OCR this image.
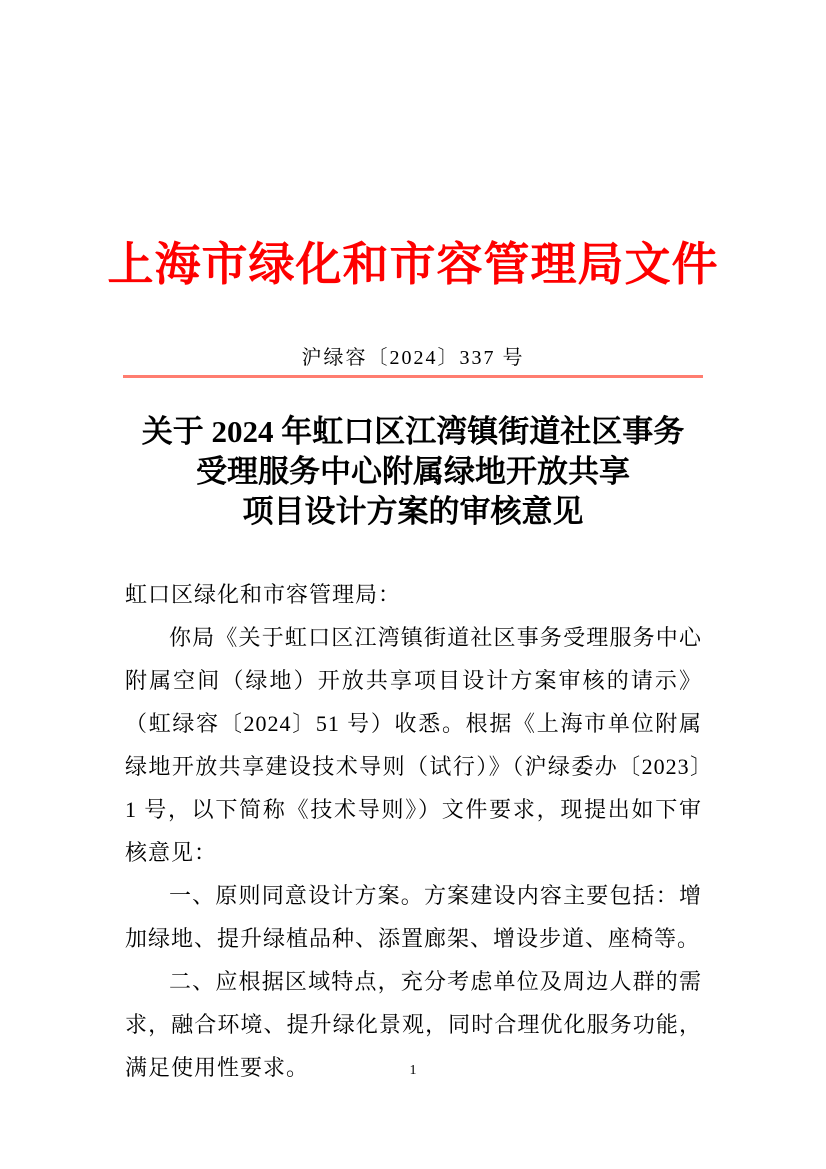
上海市绿化和市容管理局文件
沪绿容〔2024〕337 号
关于 2024 年虹口区江湾镇街道社区事务
受理服务中心附属绿地开放共享
项目设计方案的审核意见

虹口区绿化和市容管理局：

你局《关于虹口区江湾镇街道社区事务受理服务中心附属空间（绿地）开放共享项目设计方案审核的请示》（虹绿容〔2024〕51 号）收悉。根据《上海市单位附属绿地开放共享建设技术导则（试行）》（沪绿委办〔2023〕1 号，以下简称《技术导则》）文件要求，现提出如下审核意见：

一、原则同意设计方案。方案建设内容主要包括：增加绿地、提升绿植品种、添置廊架、增设步道、座椅等。

二、应根据区域特点，充分考虑单位及周边人群的需求，融合环境、提升绿化景观，同时合理优化服务功能，满足使用性要求。	1
